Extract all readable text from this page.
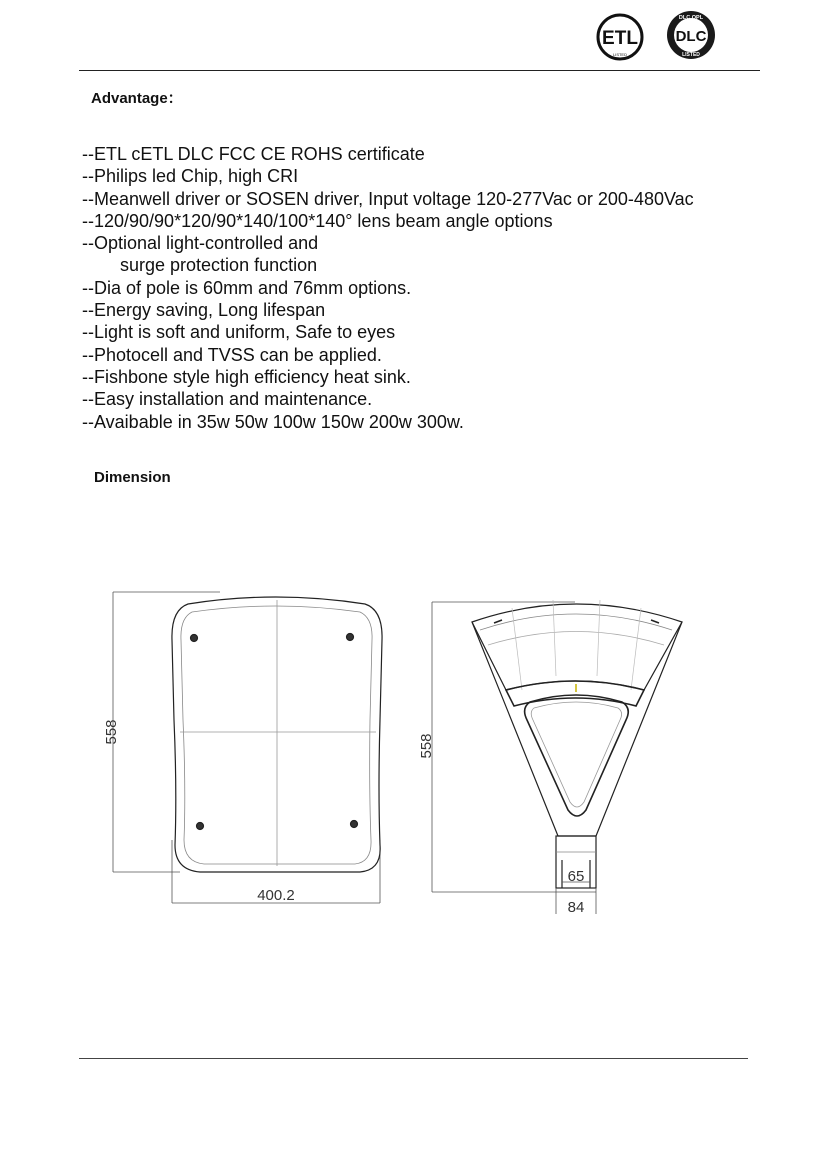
ETL
LISTED
DLC QPL
DLC
LISTED
Advantage：
--ETL cETL DLC FCC CE ROHS certificate
--Philips led Chip, high CRI
--Meanwell driver or SOSEN driver, Input voltage 120-277Vac or 200-480Vac
--120/90/90*120/90*140/100*140° lens beam angle options
--Optional light-controlled and
surge protection function
--Dia of pole is 60mm and 76mm options.
--Energy saving, Long lifespan
--Light is soft and uniform, Safe to eyes
--Photocell and TVSS can be applied.
--Fishbone style high efficiency heat sink.
--Easy installation and maintenance.
--Avaibable in 35w 50w 100w 150w 200w 300w.
Dimension
558
400.2
558
65
84
